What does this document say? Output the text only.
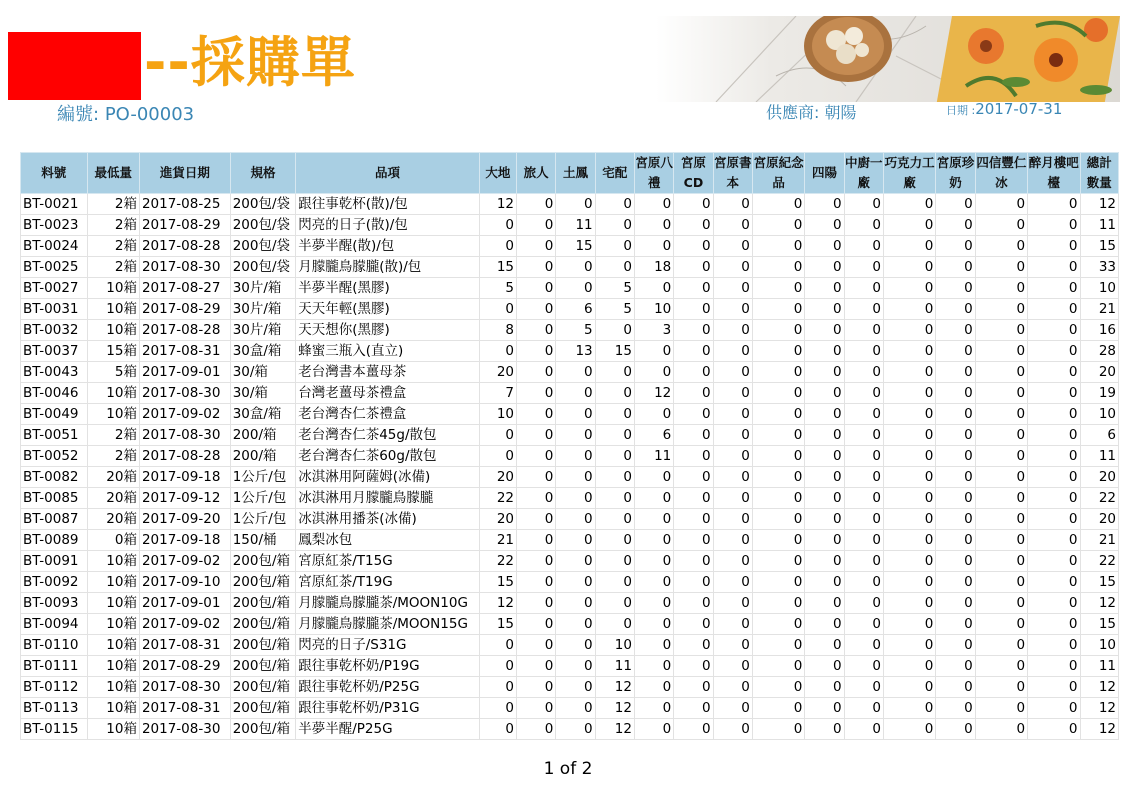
--採購單
編號: PO-00003	供應商: 朝陽	日期 :2017-07-31
料號	最低量	進貨日期	規格	品項	大地	旅人	土鳳	宅配	宮原八禮	宮原CD	宮原書本	宮原紀念品	四陽	中廚一廠	巧克力工廠	宮原珍奶	四信豐仁冰	醉月樓吧檯	總計數量
BT-0021	2箱	2017-08-25	200包/袋	跟往事乾杯(散)/包	12	0	0	0	0	0	0	0	0	0	0	0	0	0	12
BT-0023	2箱	2017-08-29	200包/袋	閃亮的日子(散)/包	0	0	11	0	0	0	0	0	0	0	0	0	0	0	11
BT-0024	2箱	2017-08-28	200包/袋	半夢半醒(散)/包	0	0	15	0	0	0	0	0	0	0	0	0	0	0	15
BT-0025	2箱	2017-08-30	200包/袋	月朦朧鳥朦朧(散)/包	15	0	0	0	18	0	0	0	0	0	0	0	0	0	33
BT-0027	10箱	2017-08-27	30片/箱	半夢半醒(黑膠)	5	0	0	5	0	0	0	0	0	0	0	0	0	0	10
BT-0031	10箱	2017-08-29	30片/箱	天天年輕(黑膠)	0	0	6	5	10	0	0	0	0	0	0	0	0	0	21
BT-0032	10箱	2017-08-28	30片/箱	天天想你(黑膠)	8	0	5	0	3	0	0	0	0	0	0	0	0	0	16
BT-0037	15箱	2017-08-31	30盒/箱	蜂蜜三瓶入(直立)	0	0	13	15	0	0	0	0	0	0	0	0	0	0	28
BT-0043	5箱	2017-09-01	30/箱	老台灣書本薑母茶	20	0	0	0	0	0	0	0	0	0	0	0	0	0	20
BT-0046	10箱	2017-08-30	30/箱	台灣老薑母茶禮盒	7	0	0	0	12	0	0	0	0	0	0	0	0	0	19
BT-0049	10箱	2017-09-02	30盒/箱	老台灣杏仁茶禮盒	10	0	0	0	0	0	0	0	0	0	0	0	0	0	10
BT-0051	2箱	2017-08-30	200/箱	老台灣杏仁茶45g/散包	0	0	0	0	6	0	0	0	0	0	0	0	0	0	6
BT-0052	2箱	2017-08-28	200/箱	老台灣杏仁茶60g/散包	0	0	0	0	11	0	0	0	0	0	0	0	0	0	11
BT-0082	20箱	2017-09-18	1公斤/包	冰淇淋用阿薩姆(冰備)	20	0	0	0	0	0	0	0	0	0	0	0	0	0	20
BT-0085	20箱	2017-09-12	1公斤/包	冰淇淋用月朦朧鳥朦朧	22	0	0	0	0	0	0	0	0	0	0	0	0	0	22
BT-0087	20箱	2017-09-20	1公斤/包	冰淇淋用播茶(冰備)	20	0	0	0	0	0	0	0	0	0	0	0	0	0	20
BT-0089	0箱	2017-09-18	150/桶	鳳梨冰包	21	0	0	0	0	0	0	0	0	0	0	0	0	0	21
BT-0091	10箱	2017-09-02	200包/箱	宮原紅茶/T15G	22	0	0	0	0	0	0	0	0	0	0	0	0	0	22
BT-0092	10箱	2017-09-10	200包/箱	宮原紅茶/T19G	15	0	0	0	0	0	0	0	0	0	0	0	0	0	15
BT-0093	10箱	2017-09-01	200包/箱	月朦朧鳥朦朧茶/MOON10G	12	0	0	0	0	0	0	0	0	0	0	0	0	0	12
BT-0094	10箱	2017-09-02	200包/箱	月朦朧鳥朦朧茶/MOON15G	15	0	0	0	0	0	0	0	0	0	0	0	0	0	15
BT-0110	10箱	2017-08-31	200包/箱	閃亮的日子/S31G	0	0	0	10	0	0	0	0	0	0	0	0	0	0	10
BT-0111	10箱	2017-08-29	200包/箱	跟往事乾杯奶/P19G	0	0	0	11	0	0	0	0	0	0	0	0	0	0	11
BT-0112	10箱	2017-08-30	200包/箱	跟往事乾杯奶/P25G	0	0	0	12	0	0	0	0	0	0	0	0	0	0	12
BT-0113	10箱	2017-08-31	200包/箱	跟往事乾杯奶/P31G	0	0	0	12	0	0	0	0	0	0	0	0	0	0	12
BT-0115	10箱	2017-08-30	200包/箱	半夢半醒/P25G	0	0	0	12	0	0	0	0	0	0	0	0	0	0	12
1 of 2
